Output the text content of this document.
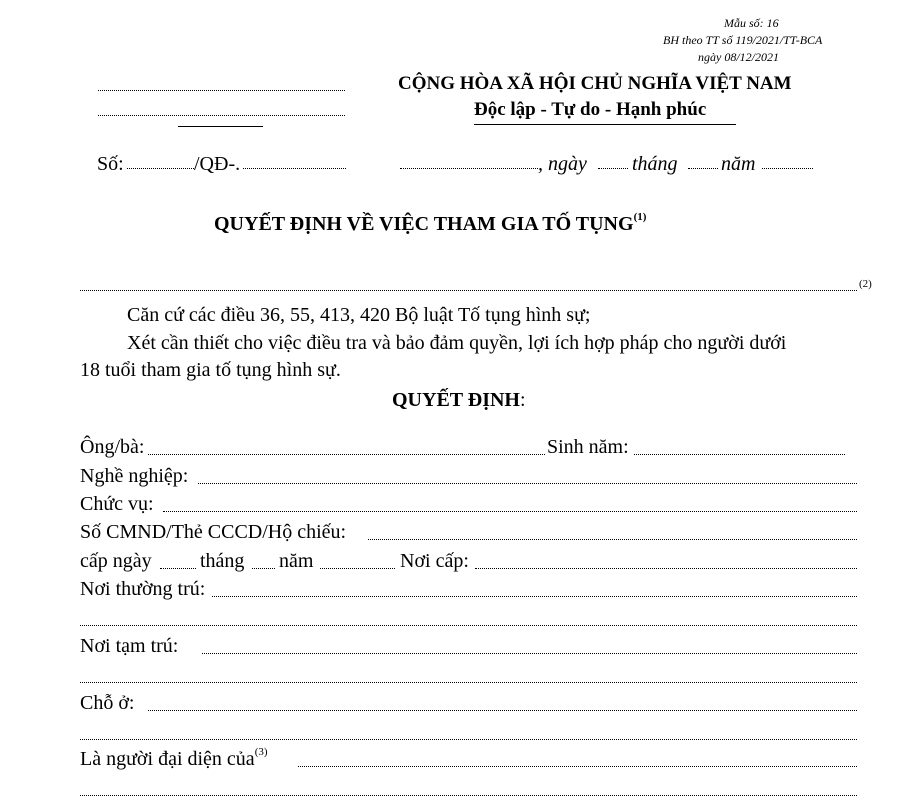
Mẫu số: 16
BH theo TT số 119/2021/TT-BCA
ngày 08/12/2021
CỘNG HÒA XÃ HỘI CHỦ NGHĨA VIỆT NAM
Độc lập - Tự do - Hạnh phúc
Số:	/QĐ-.	, ngày tháng năm
QUYẾT ĐỊNH VỀ VIỆC THAM GIA TỐ TỤNG$^{(1)}$
(2)
Căn cứ các điều 36, 55, 413, 420 Bộ luật Tố tụng hình sự;
Xét cần thiết cho việc điều tra và bảo đảm quyền, lợi ích hợp pháp cho người dưới
18 tuổi tham gia tố tụng hình sự.
QUYẾT ĐỊNH:
Ông/bà:	Sinh năm:
Nghề nghiệp:
Chức vụ:
Số CMND/Thẻ CCCD/Hộ chiếu:
cấp ngày tháng năm	Nơi cấp:
Nơi thường trú:
Nơi tạm trú:
Chỗ ở:
Là người đại diện của$^{(3)}$
